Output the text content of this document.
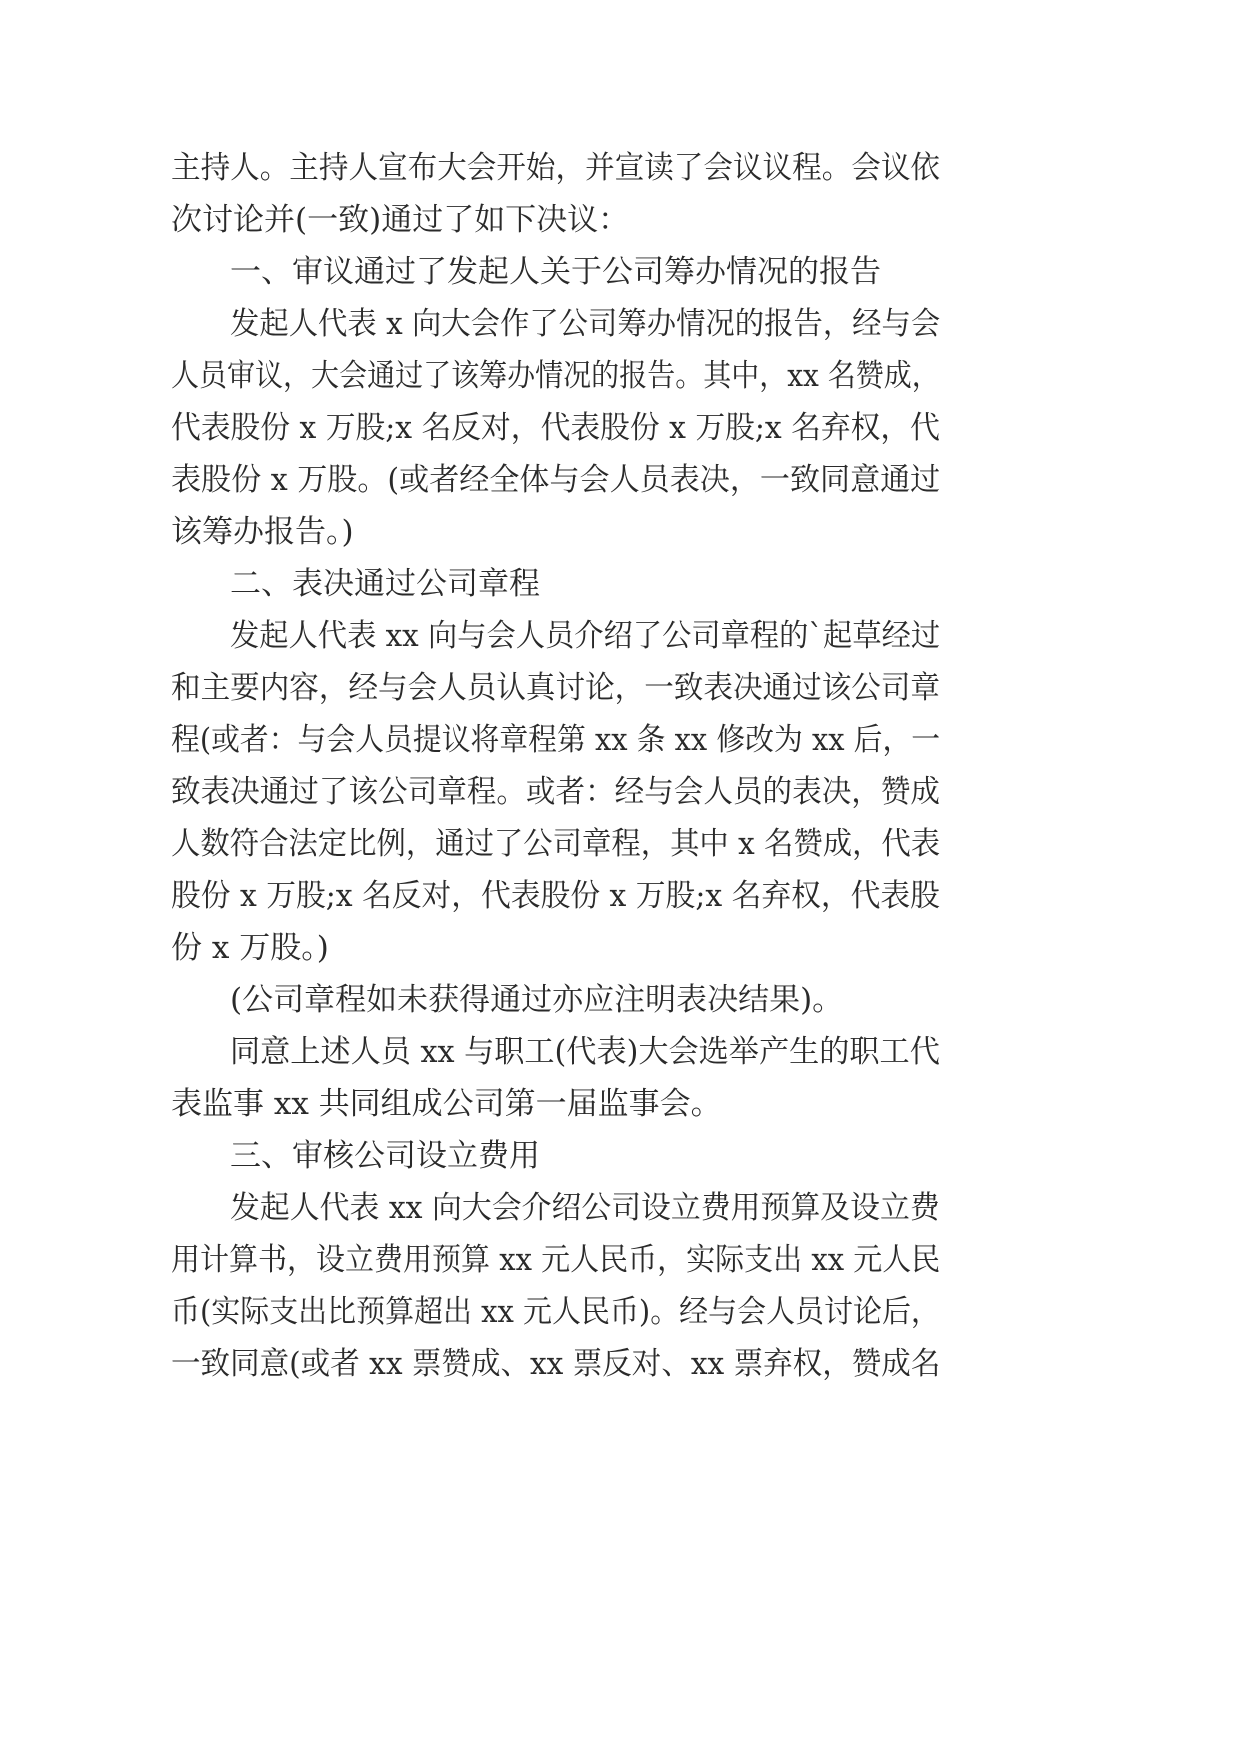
主持人。主持人宣布大会开始，并宣读了会议议程。会议依
次讨论并(一致)通过了如下决议：
一、审议通过了发起人关于公司筹办情况的报告
发起人代表 x 向大会作了公司筹办情况的报告，经与会
人员审议，大会通过了该筹办情况的报告。其中，xx 名赞成，
代表股份 x 万股;x 名反对，代表股份 x 万股;x 名弃权，代
表股份 x 万股。(或者经全体与会人员表决，一致同意通过
该筹办报告。)
二、表决通过公司章程
发起人代表 xx 向与会人员介绍了公司章程的`起草经过
和主要内容，经与会人员认真讨论，一致表决通过该公司章
程(或者：与会人员提议将章程第 xx 条 xx 修改为 xx 后，一
致表决通过了该公司章程。或者：经与会人员的表决，赞成
人数符合法定比例，通过了公司章程，其中 x 名赞成，代表
股份 x 万股;x 名反对，代表股份 x 万股;x 名弃权，代表股
份 x 万股。)
(公司章程如未获得通过亦应注明表决结果)。
同意上述人员 xx 与职工(代表)大会选举产生的职工代
表监事 xx 共同组成公司第一届监事会。
三、审核公司设立费用
发起人代表 xx 向大会介绍公司设立费用预算及设立费
用计算书，设立费用预算 xx 元人民币，实际支出 xx 元人民
币(实际支出比预算超出 xx 元人民币)。经与会人员讨论后，
一致同意(或者 xx 票赞成、xx 票反对、xx 票弃权，赞成名
